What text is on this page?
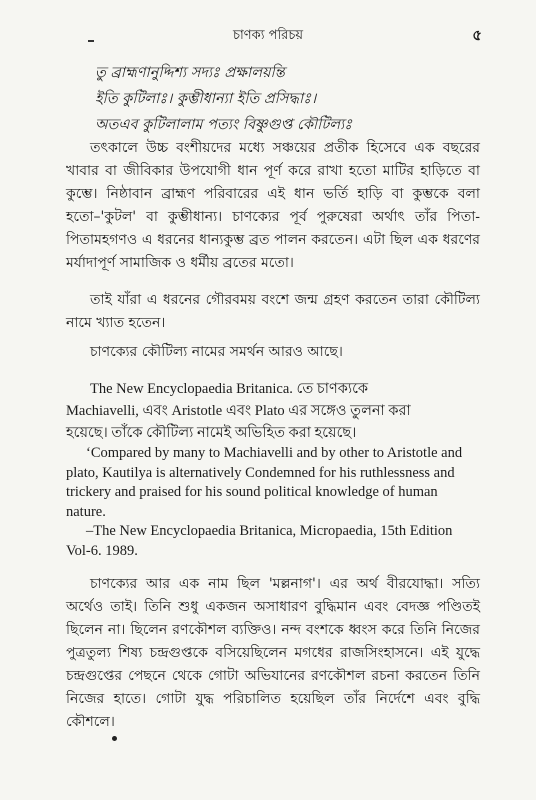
চাণক্য পরিচয়	৫
তু ব্রাহ্মণানুদ্দিশ্য সদ্যঃ প্রক্ষালয়ন্তি
ইতি কুটিলাঃ। কুম্ভীধান্যা ইতি প্রসিদ্ধাঃ।
অতএব কুটিলালাম পত্যং বিষ্ণুগুপ্ত কৌটিল্যঃ

তৎকালে উচ্চ বংশীয়দের মধ্যে সঞ্চয়ের প্রতীক হিসেবে এক বছরের খাবার বা জীবিকার উপযোগী ধান পূর্ণ করে রাখা হতো মাটির হাড়িতে বা কুম্ভে। নিষ্ঠাবান ব্রাহ্মণ পরিবারের এই ধান ভর্তি হাড়ি বা কুম্ভকে বলা হতো–'কুটল' বা কুম্ভীধান্য। চাণক্যের পূর্ব পুরুষেরা অর্থাৎ তাঁর পিতা-পিতামহগণও এ ধরনের ধান্যকুম্ভ ব্রত পালন করতেন। এটা ছিল এক ধরণের মর্যাদাপূর্ণ সামাজিক ও ধর্মীয় ব্রতের মতো।

তাই যাঁরা এ ধরনের গৌরবময় বংশে জন্ম গ্রহণ করতেন তারা কৌটিল্য নামে খ্যাত হতেন।

চাণক্যের কৌটিল্য নামের সমর্থন আরও আছে।

The New Encyclopaedia Britanica. তে চাণক্যকে
Machiavelli, এবং Aristotle এবং Plato এর সঙ্গেও তুলনা করা
হয়েছে। তাঁকে কৌটিল্য নামেই অভিহিত করা হয়েছে।

‘Compared by many to Machiavelli and by other to Aristotle and plato, Kautilya is alternatively Condemned for his ruthlessness and trickery and praised for his sound political knowledge of human nature.

–The New Encyclopaedia Britanica, Micropaedia, 15th Edition Vol-6. 1989.

চাণক্যের আর এক নাম ছিল 'মল্লনাগ'। এর অর্থ বীরযোদ্ধা। সত্যি অর্থেও তাই। তিনি শুধু একজন অসাধারণ বুদ্ধিমান এবং বেদজ্ঞ পণ্ডিতই ছিলেন না। ছিলেন রণকৌশল ব্যক্তিও। নন্দ বংশকে ধ্বংস করে তিনি নিজের পুত্রতুল্য শিষ্য চন্দ্রগুপ্তকে বসিয়েছিলেন মগধের রাজসিংহাসনে। এই যুদ্ধে চন্দ্রগুপ্তের পেছনে থেকে গোটা অভিযানের রণকৌশল রচনা করতেন তিনি নিজের হাতে। গোটা যুদ্ধ পরিচালিত হয়েছিল তাঁর নির্দেশে এবং বুদ্ধি কৌশলে।
